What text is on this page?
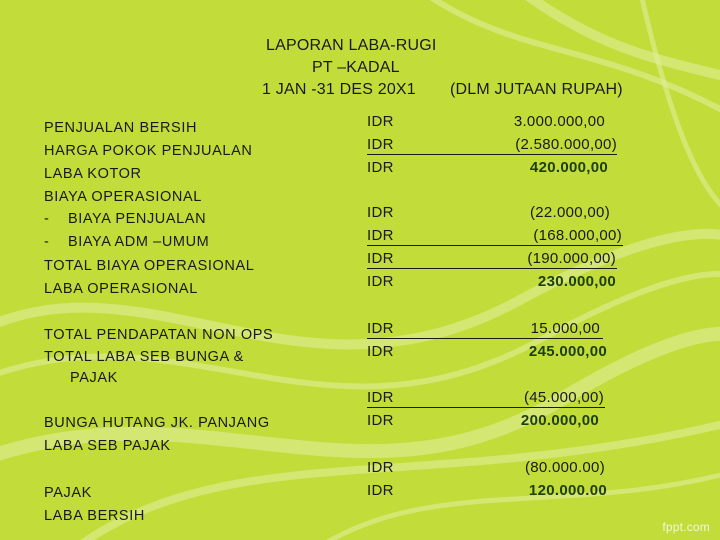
LAPORAN LABA-RUGI
PT –KADAL
1 JAN -31 DES 20X1 (DLM JUTAAN RUPAH)
PENJUALAN BERSIH
HARGA POKOK PENJUALAN
LABA KOTOR
BIAYA OPERASIONAL
-    BIAYA PENJUALAN
-    BIAYA ADM –UMUM
TOTAL BIAYA OPERASIONAL
LABA OPERASIONAL
TOTAL PENDAPATAN NON OPS
TOTAL LABA SEB BUNGA &
PAJAK
BUNGA HUTANG JK. PANJANG
LABA SEB PAJAK
PAJAK
LABA BERSIH
IDR
IDR
IDR
IDR
IDR
IDR
IDR
IDR
IDR
IDR
IDR
IDR
IDR
3.000.000,00
(2.580.000,00)
420.000,00
(22.000,00)
(168.000,00)
(190.000,00)
230.000,00
15.000,00
245.000,00
(45.000,00)
200.000,00
(80.000.00)
120.000.00
fppt.com
